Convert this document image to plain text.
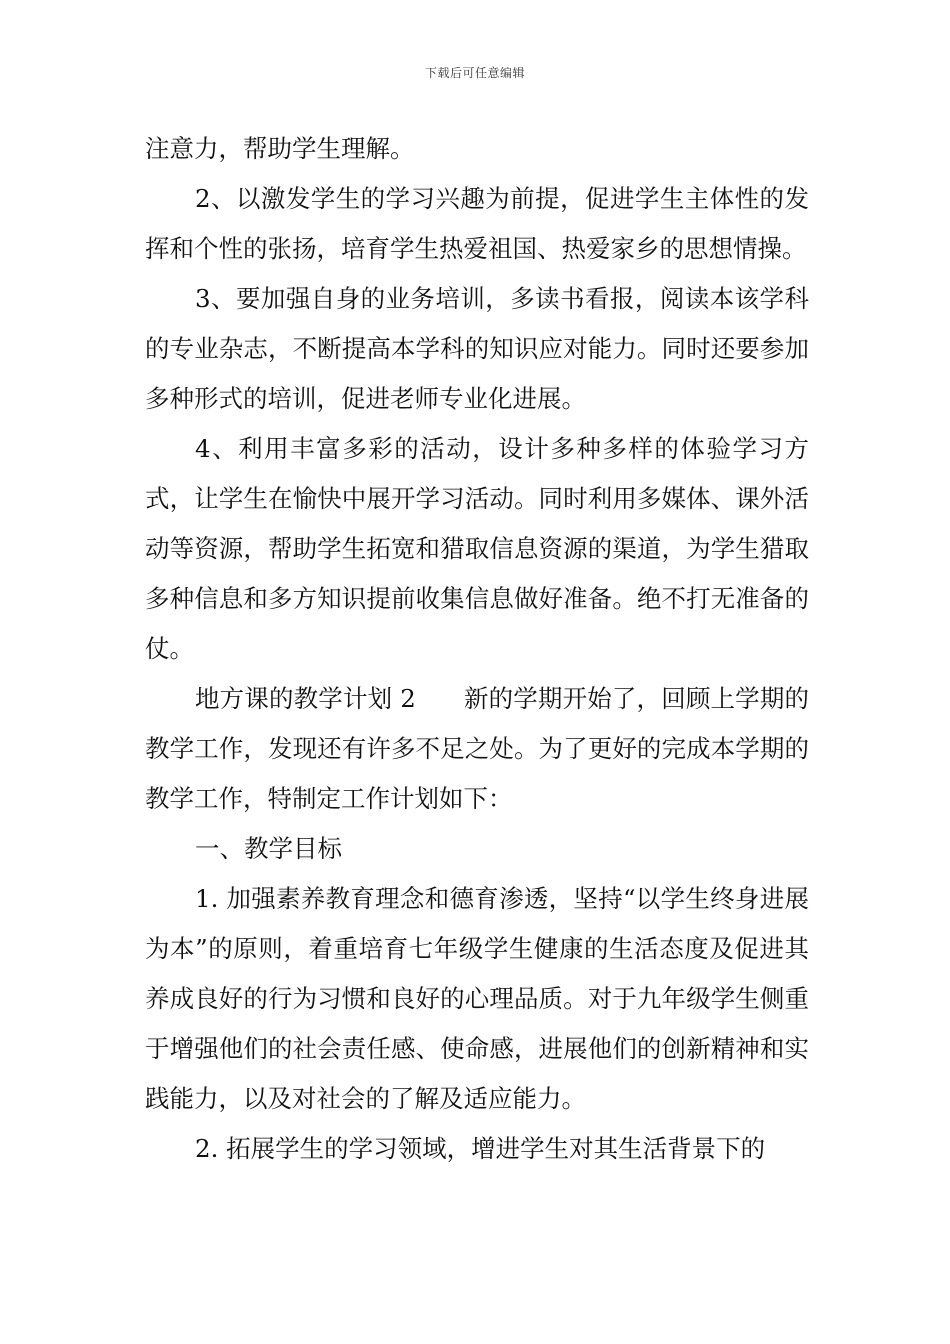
下载后可任意编辑

注意力，帮助学生理解。

2、以激发学生的学习兴趣为前提，促进学生主体性的发挥和个性的张扬，培育学生热爱祖国、热爱家乡的思想情操。

3、要加强自身的业务培训，多读书看报，阅读本该学科的专业杂志，不断提高本学科的知识应对能力。同时还要参加多种形式的培训，促进老师专业化进展。

4、利用丰富多彩的活动，设计多种多样的体验学习方式，让学生在愉快中展开学习活动。同时利用多媒体、课外活动等资源，帮助学生拓宽和猎取信息资源的渠道，为学生猎取多种信息和多方知识提前收集信息做好准备。绝不打无准备的仗。

地方课的教学计划 2 新的学期开始了，回顾上学期的教学工作，发现还有许多不足之处。为了更好的完成本学期的教学工作，特制定工作计划如下：

一、教学目标

1. 加强素养教育理念和德育渗透，坚持“以学生终身进展为本”的原则，着重培育七年级学生健康的生活态度及促进其养成良好的行为习惯和良好的心理品质。对于九年级学生侧重于增强他们的社会责任感、使命感，进展他们的创新精神和实践能力，以及对社会的了解及适应能力。

2. 拓展学生的学习领域，增进学生对其生活背景下的
